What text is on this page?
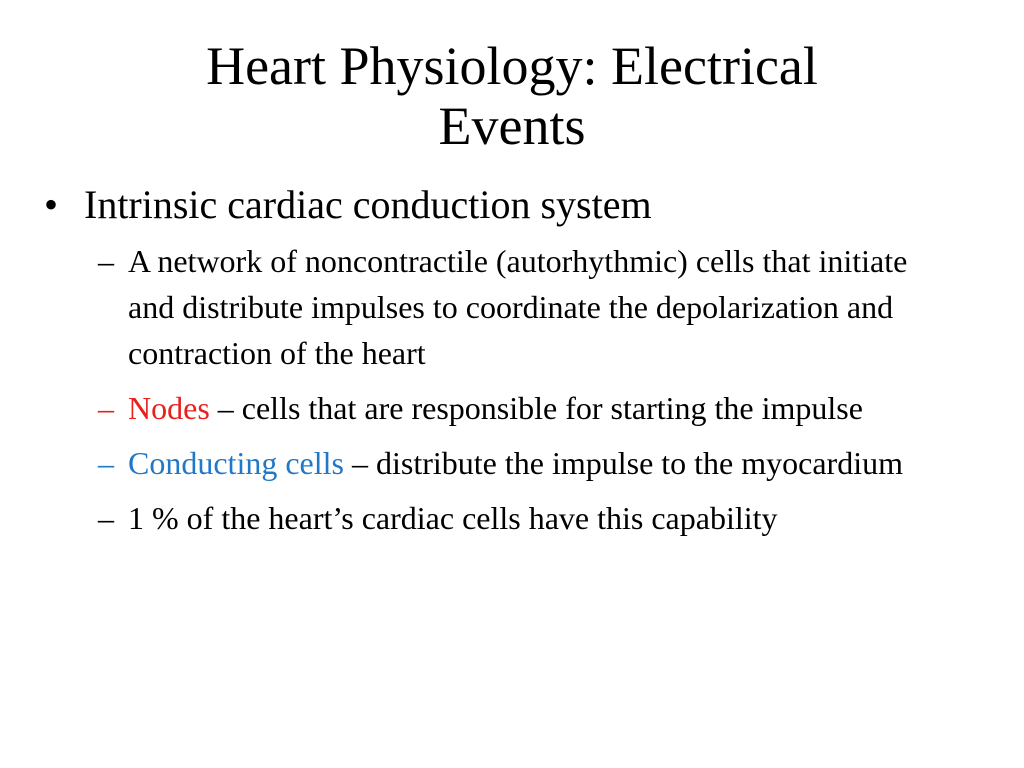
Heart Physiology: Electrical
Events
• Intrinsic cardiac conduction system
– A network of noncontractile (autorhythmic) cells that initiate and distribute impulses to coordinate the depolarization and contraction of the heart
– Nodes – cells that are responsible for starting the impulse
– Conducting cells – distribute the impulse to the myocardium
– 1 % of the heart’s cardiac cells have this capability
